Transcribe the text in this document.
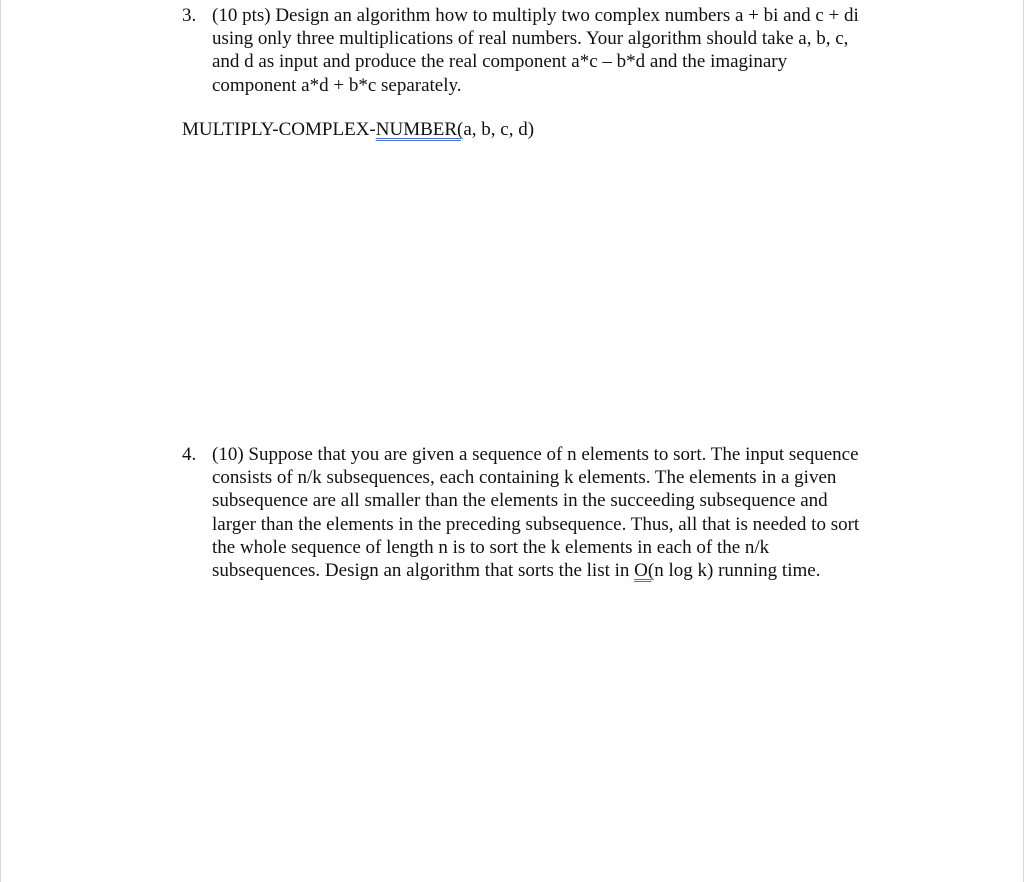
3. (10 pts) Design an algorithm how to multiply two complex numbers a + bi and c + di
using only three multiplications of real numbers. Your algorithm should take a, b, c,
and d as input and produce the real component a*c – b*d and the imaginary
component a*d + b*c separately.
MULTIPLY-COMPLEX-NUMBER(a, b, c, d)
4. (10) Suppose that you are given a sequence of n elements to sort. The input sequence
consists of n/k subsequences, each containing k elements. The elements in a given
subsequence are all smaller than the elements in the succeeding subsequence and
larger than the elements in the preceding subsequence. Thus, all that is needed to sort
the whole sequence of length n is to sort the k elements in each of the n/k
subsequences. Design an algorithm that sorts the list in O(n log k) running time.
